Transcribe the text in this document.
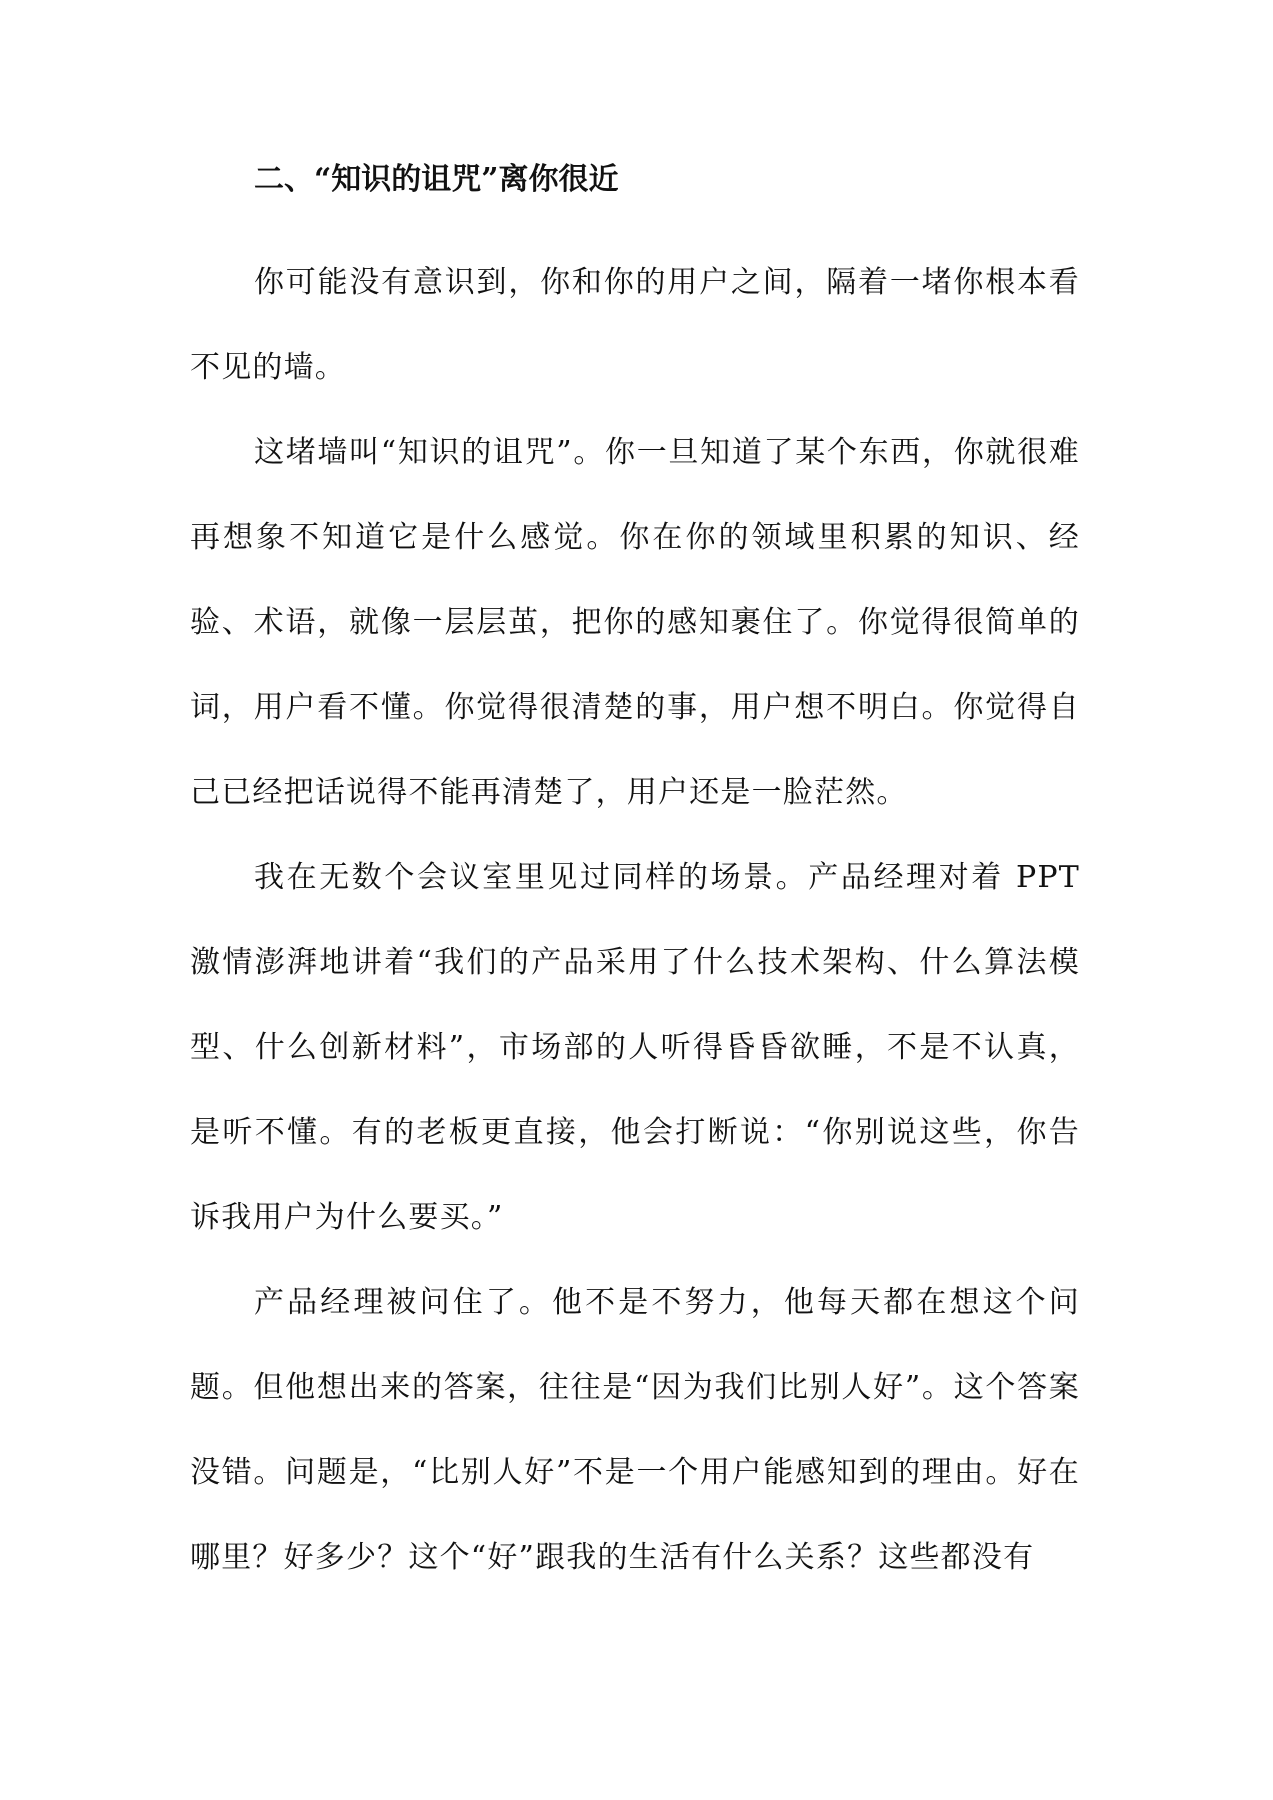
二、“知识的诅咒”离你很近

你可能没有意识到，你和你的用户之间，隔着一堵你根本看不见的墙。

这堵墙叫“知识的诅咒”。你一旦知道了某个东西，你就很难再想象不知道它是什么感觉。你在你的领域里积累的知识、经验、术语，就像一层层茧，把你的感知裹住了。你觉得很简单的词，用户看不懂。你觉得很清楚的事，用户想不明白。你觉得自己已经把话说得不能再清楚了，用户还是一脸茫然。

我在无数个会议室里见过同样的场景。产品经理对着 PPT 激情澎湃地讲着“我们的产品采用了什么技术架构、什么算法模型、什么创新材料”，市场部的人听得昏昏欲睡，不是不认真，是听不懂。有的老板更直接，他会打断说：“你别说这些，你告诉我用户为什么要买。”

产品经理被问住了。他不是不努力，他每天都在想这个问题。但他想出来的答案，往往是“因为我们比别人好”。这个答案没错。问题是，“比别人好”不是一个用户能感知到的理由。好在哪里？好多少？这个“好”跟我的生活有什么关系？这些都没有
